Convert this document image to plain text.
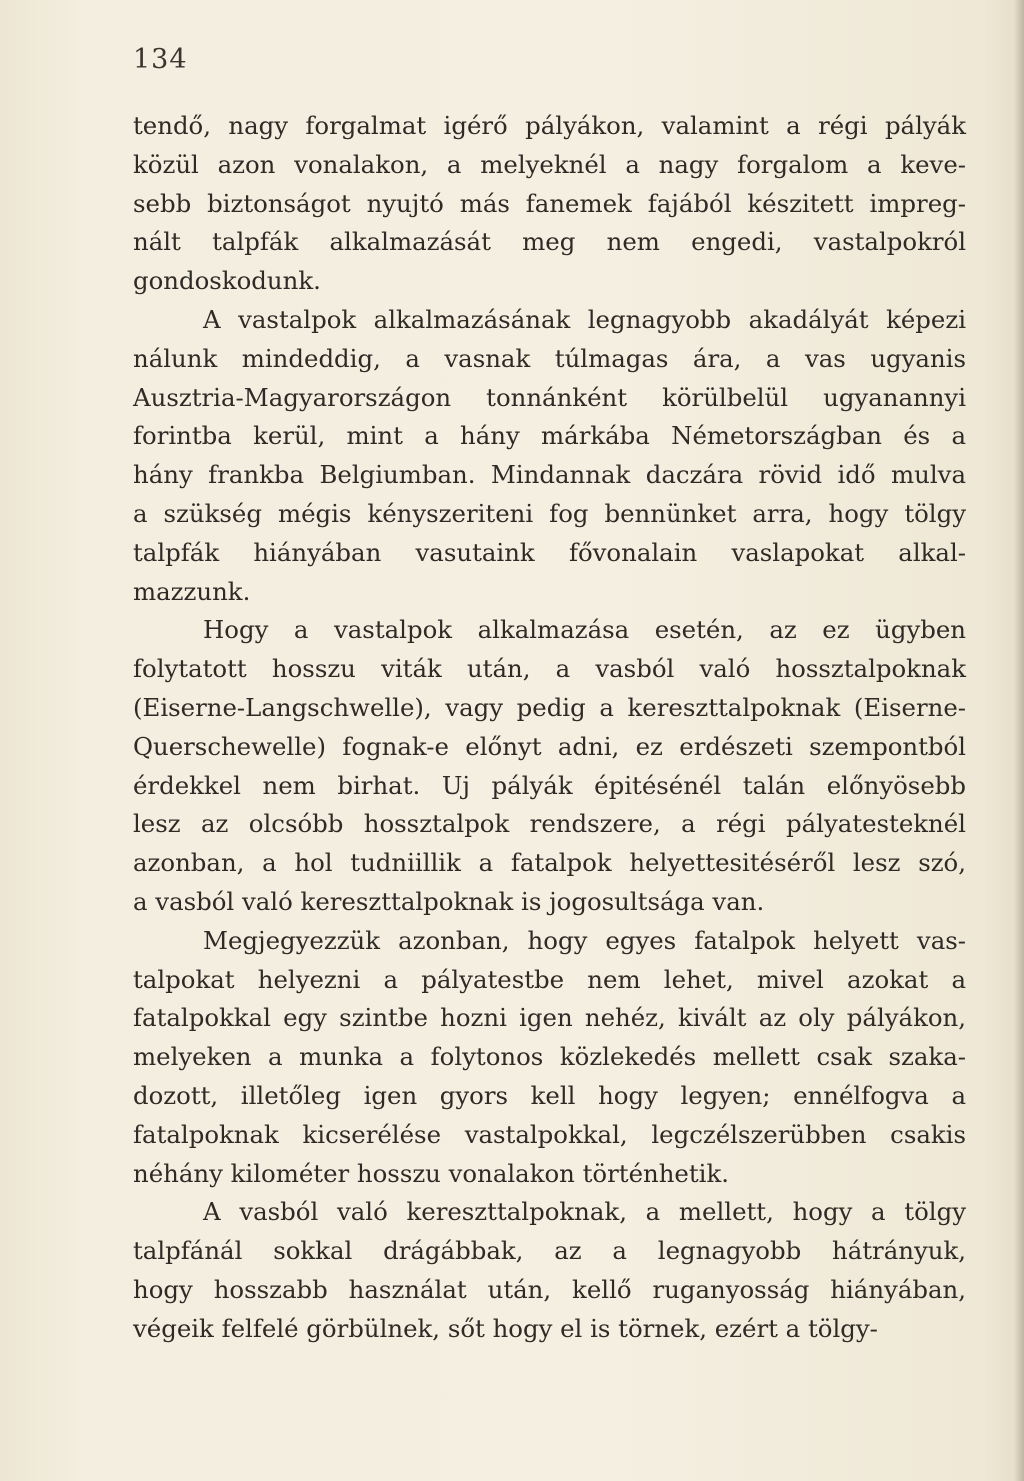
134
tendő, nagy forgalmat igérő pályákon, valamint a régi pályák
közül azon vonalakon, a melyeknél a nagy forgalom a keve-
sebb biztonságot nyujtó más fanemek fajából készitett impreg-
nált talpfák alkalmazását meg nem engedi, vastalpokról
gondoskodunk.
A vastalpok alkalmazásának legnagyobb akadályát képezi
nálunk mindeddig, a vasnak túlmagas ára, a vas ugyanis
Ausztria-Magyarországon tonnánként körülbelül ugyanannyi
forintba kerül, mint a hány márkába Németországban és a
hány frankba Belgiumban. Mindannak daczára rövid idő mulva
a szükség mégis kényszeriteni fog bennünket arra, hogy tölgy
talpfák hiányában vasutaink fővonalain vaslapokat alkal-
mazzunk.
Hogy a vastalpok alkalmazása esetén, az ez ügyben
folytatott hosszu viták után, a vasból való hossztalpoknak
(Eiserne-Langschwelle), vagy pedig a kereszttalpoknak (Eiserne-
Querschewelle) fognak-e előnyt adni, ez erdészeti szempontból
érdekkel nem birhat. Uj pályák épitésénél talán előnyösebb
lesz az olcsóbb hossztalpok rendszere, a régi pályatesteknél
azonban, a hol tudniillik a fatalpok helyettesitéséről lesz szó,
a vasból való kereszttalpoknak is jogosultsága van.
Megjegyezzük azonban, hogy egyes fatalpok helyett vas-
talpokat helyezni a pályatestbe nem lehet, mivel azokat a
fatalpokkal egy szintbe hozni igen nehéz, kivált az oly pályákon,
melyeken a munka a folytonos közlekedés mellett csak szaka-
dozott, illetőleg igen gyors kell hogy legyen; ennélfogva a
fatalpoknak kicserélése vastalpokkal, legczélszerübben csakis
néhány kilométer hosszu vonalakon történhetik.
A vasból való kereszttalpoknak, a mellett, hogy a tölgy
talpfánál sokkal drágábbak, az a legnagyobb hátrányuk,
hogy hosszabb használat után, kellő ruganyosság hiányában,
végeik felfelé görbülnek, sőt hogy el is törnek, ezért a tölgy-
